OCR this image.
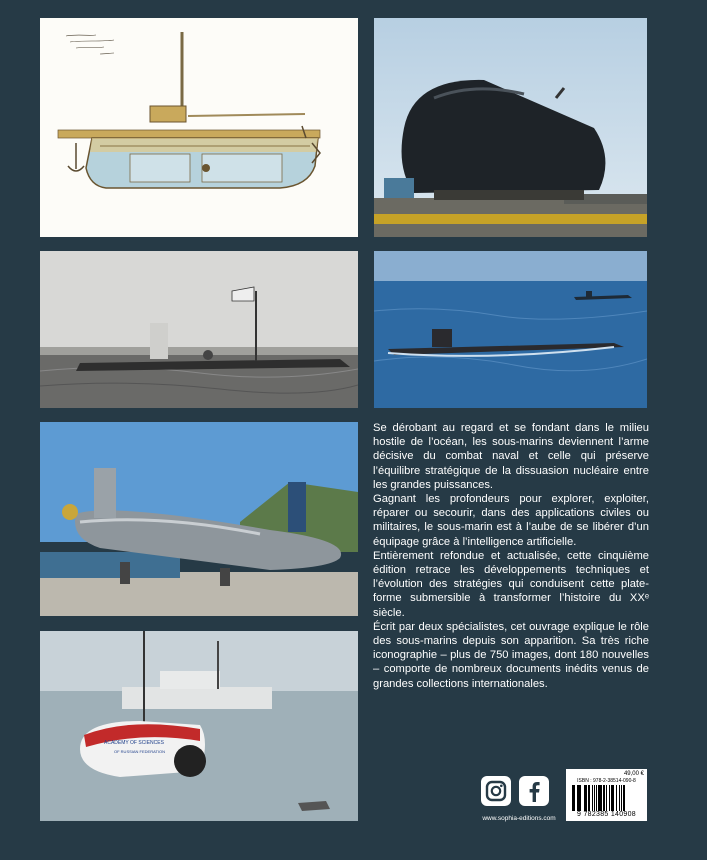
ACADEMY OF SCIENCES
OF RUSSIAN FEDERATION

Se dérobant au regard et se fondant dans le milieu hostile de l’océan, les sous-marins deviennent l’arme décisive du combat naval et celle qui préserve l’équilibre stratégique de la dissuasion nucléaire entre les grandes puissances.

Gagnant les profondeurs pour explorer, exploiter, réparer ou secourir, dans des applications civiles ou militaires, le sous-marin est à l’aube de se libérer d’un équipage grâce à l’intelligence artificielle.

Entièrement refondue et actualisée, cette cinquième édition retrace les développements techniques et l’évolution des stratégies qui conduisent cette plate-forme submersible à transformer l’histoire du XXᵉ siècle.

Écrit par deux spécialistes, cet ouvrage explique le rôle des sous-marins depuis son apparition. Sa très riche iconographie – plus de 750 images, dont 180 nouvelles – comporte de nombreux documents inédits venus de grandes collections internationales.

www.sophia-editions.com
49,00 €
ISBN : 978-2-38514-090-8
9 782385 140908
